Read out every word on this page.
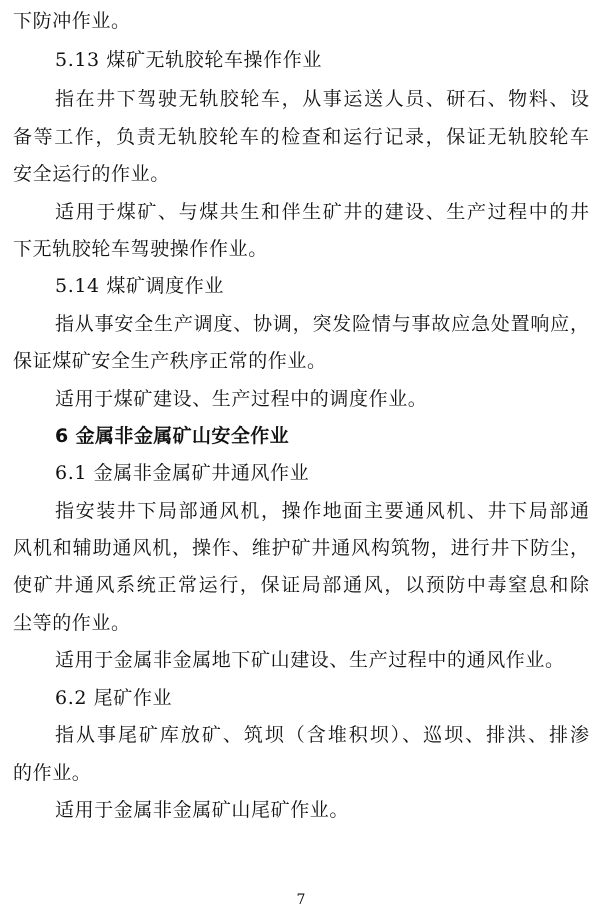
下防冲作业。
5.13 煤矿无轨胶轮车操作作业
指在井下驾驶无轨胶轮车，从事运送人员、研石、物料、设
备等工作，负责无轨胶轮车的检查和运行记录，保证无轨胶轮车
安全运行的作业。
适用于煤矿、与煤共生和伴生矿井的建设、生产过程中的井
下无轨胶轮车驾驶操作作业。
5.14 煤矿调度作业
指从事安全生产调度、协调，突发险情与事故应急处置响应，
保证煤矿安全生产秩序正常的作业。
适用于煤矿建设、生产过程中的调度作业。
6 金属非金属矿山安全作业
6.1 金属非金属矿井通风作业
指安装井下局部通风机，操作地面主要通风机、井下局部通
风机和辅助通风机，操作、维护矿井通风构筑物，进行井下防尘，
使矿井通风系统正常运行，保证局部通风，以预防中毒窒息和除
尘等的作业。
适用于金属非金属地下矿山建设、生产过程中的通风作业。
6.2 尾矿作业
指从事尾矿库放矿、筑坝（含堆积坝）、巡坝、排洪、排渗
的作业。
适用于金属非金属矿山尾矿作业。
7
